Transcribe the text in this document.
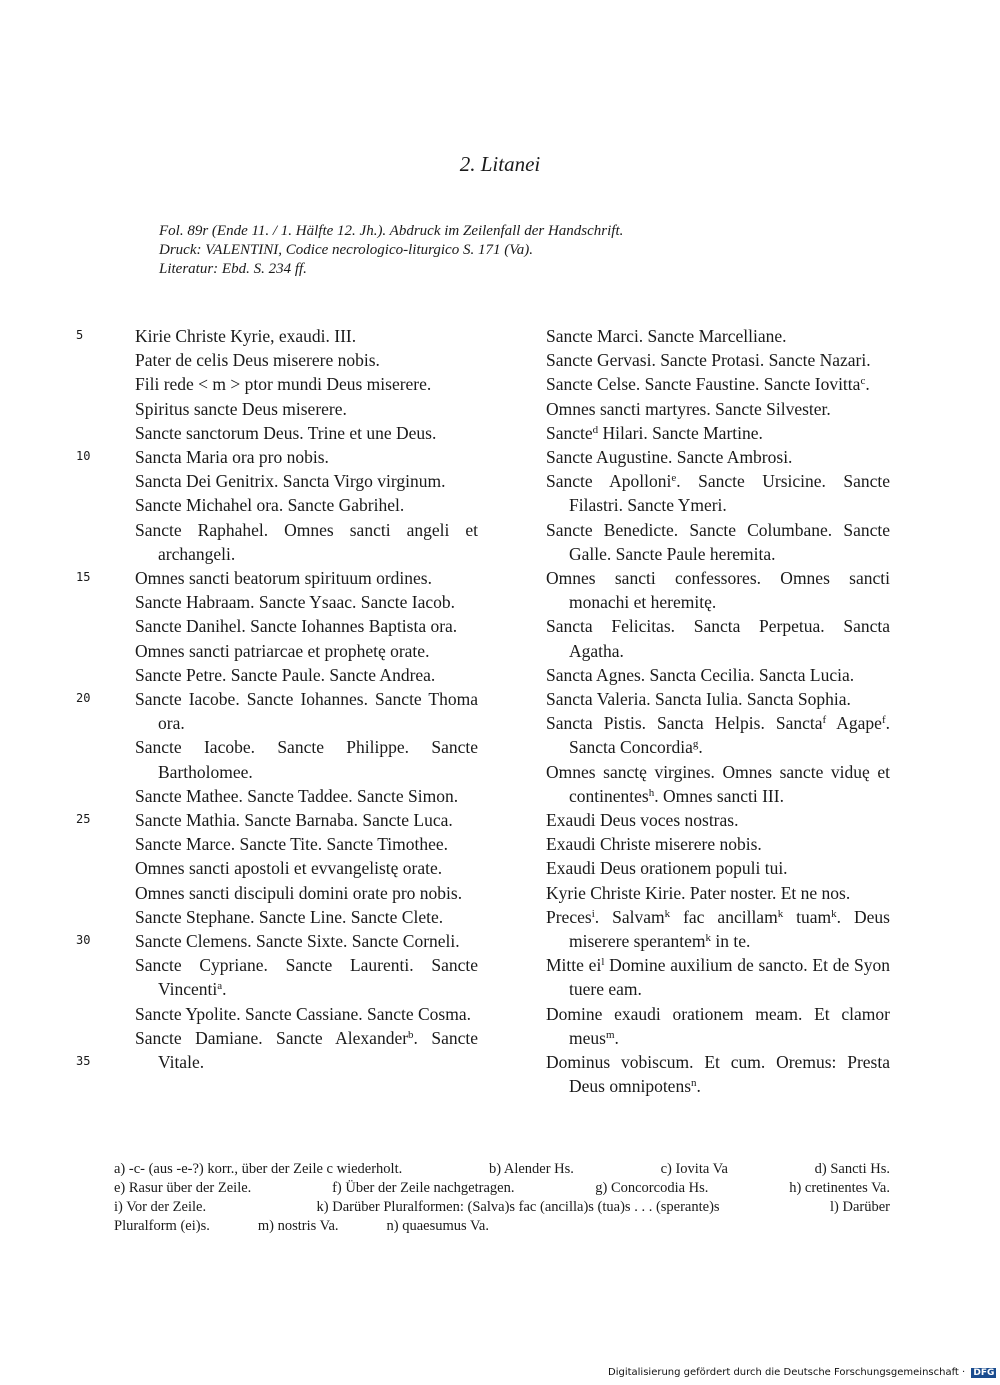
2. Litanei
Fol. 89r (Ende 11. / 1. Hälfte 12. Jh.). Abdruck im Zeilenfall der Handschrift.
Druck: VALENTINI, Codice necrologico-liturgico S. 171 (Va).
Literatur: Ebd. S. 234 ff.
5
10
15
20
25
30
35
Kirie Christe Kyrie, exaudi. III.
Pater de celis Deus miserere nobis.
Fili rede < m > ptor mundi Deus miserere.
Spiritus sancte Deus miserere.
Sancte sanctorum Deus. Trine et une Deus.
Sancta Maria ora pro nobis.
Sancta Dei Genitrix. Sancta Virgo virginum.
Sancte Michahel ora. Sancte Gabrihel.
Sancte Raphahel. Omnes sancti angeli et archangeli.
Omnes sancti beatorum spirituum ordines.
Sancte Habraam. Sancte Ysaac. Sancte Iacob.
Sancte Danihel. Sancte Iohannes Baptista ora.
Omnes sancti patriarcae et prophetę orate.
Sancte Petre. Sancte Paule. Sancte Andrea.
Sancte Iacobe. Sancte Iohannes. Sancte Thoma ora.
Sancte Iacobe. Sancte Philippe. Sancte Bartholomee.
Sancte Mathee. Sancte Taddee. Sancte Simon.
Sancte Mathia. Sancte Barnaba. Sancte Luca.
Sancte Marce. Sancte Tite. Sancte Timothee.
Omnes sancti apostoli et evvangelistę orate.
Omnes sancti discipuli domini orate pro nobis.
Sancte Stephane. Sancte Line. Sancte Clete.
Sancte Clemens. Sancte Sixte. Sancte Corneli.
Sancte Cypriane. Sancte Laurenti. Sancte Vincenti$^a$.
Sancte Ypolite. Sancte Cassiane. Sancte Cosma.
Sancte Damiane. Sancte Alexander$^b$. Sancte Vitale.
Sancte Marci. Sancte Marcelliane.
Sancte Gervasi. Sancte Protasi. Sancte Nazari.
Sancte Celse. Sancte Faustine. Sancte Iovitta$^c$.
Omnes sancti martyres. Sancte Silvester.
Sancte$^d$ Hilari. Sancte Martine.
Sancte Augustine. Sancte Ambrosi.
Sancte Apolloni$^e$. Sancte Ursicine. Sancte Filastri. Sancte Ymeri.
Sancte Benedicte. Sancte Columbane. Sancte Galle. Sancte Paule heremita.
Omnes sancti confessores. Omnes sancti monachi et heremitę.
Sancta Felicitas. Sancta Perpetua. Sancta Agatha.
Sancta Agnes. Sancta Cecilia. Sancta Lucia.
Sancta Valeria. Sancta Iulia. Sancta Sophia.
Sancta Pistis. Sancta Helpis. Sancta$^f$ Agape$^f$. Sancta Concordia$^g$.
Omnes sanctę virgines. Omnes sancte viduę et continentes$^h$. Omnes sancti III.
Exaudi Deus voces nostras.
Exaudi Christe miserere nobis.
Exaudi Deus orationem populi tui.
Kyrie Christe Kirie. Pater noster. Et ne nos.
Preces$^i$. Salvam$^k$ fac ancillam$^k$ tuam$^k$. Deus miserere sperantem$^k$ in te.
Mitte $ei^l$ Domine auxilium de sancto. Et de Syon tuere eam.
Domine exaudi orationem meam. Et clamor meus$^m$.
Dominus vobiscum. Et cum. Oremus: Presta Deus omnipotens$^n$.
a) -c- (aus -e-?) korr., über der Zeile c wiederholt.	b) Alender Hs.	c) Iovita Va	d) Sancti Hs.
e) Rasur über der Zeile.	f) Über der Zeile nachgetragen.	g) Concorcodia Hs.	h) cretinentes Va.
i) Vor der Zeile.	k) Darüber Pluralformen: (Salva)s fac (ancilla)s (tua)s . . . (sperante)s	l) Darüber
Pluralform (ei)s.	m) nostris Va.	n) quaesumus Va.
Digitalisierung gefördert durch die Deutsche Forschungsgemeinschaft · DFG
